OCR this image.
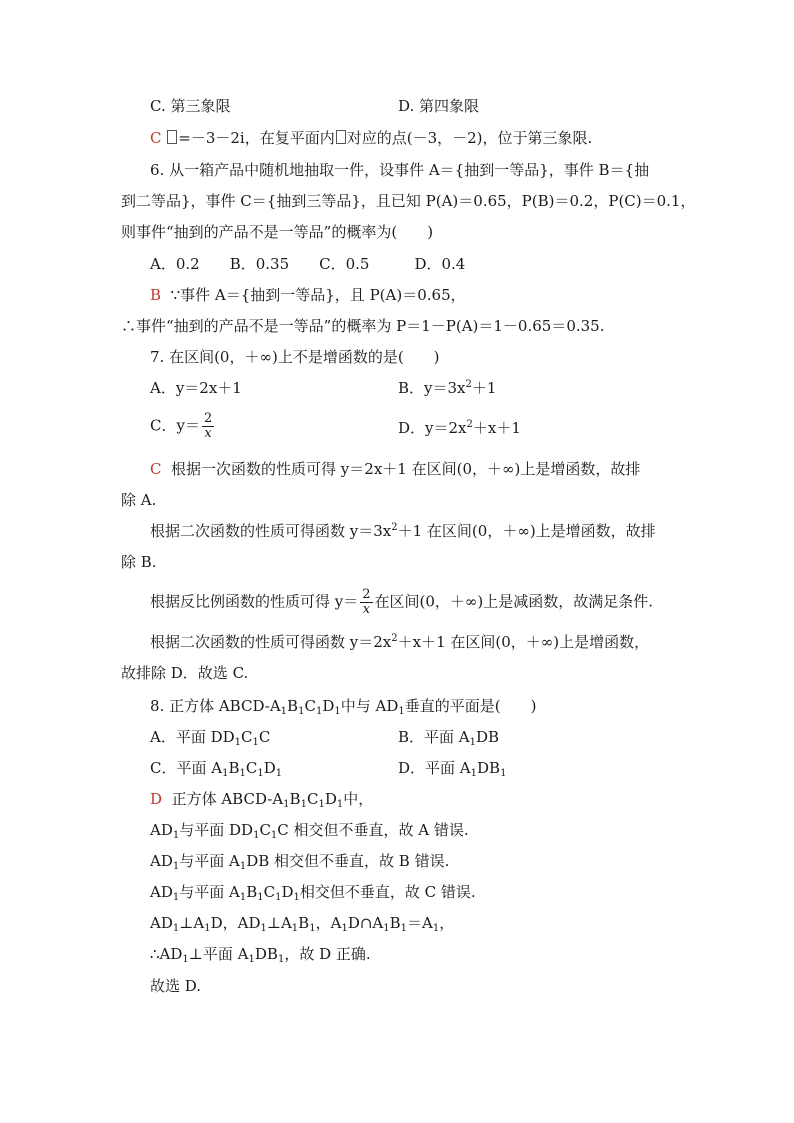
C. 第三象限	D. 第四象限
C =－3－2i，在复平面内 对应的点(－3，－2)，位于第三象限.
6. 从一箱产品中随机地抽取一件，设事件 A＝{抽到一等品}，事件 B＝{抽
到二等品}，事件 C＝{抽到三等品}，且已知 P(A)＝0.65，P(B)＝0.2，P(C)＝0.1，
则事件“抽到的产品不是一等品”的概率为(　　)
A．0.2　　B．0.35　　C．0.5　　　D．0.4
B ∵事件 A＝{抽到一等品}，且 P(A)＝0.65，
∴事件“抽到的产品不是一等品”的概率为 P＝1－P(A)＝1－0.65＝0.35.
7. 在区间(0，＋∞)上不是增函数的是(　　)
A．y＝2x＋1	B．$y=3x^2+1$
C．$y= \frac{2}{x}$	D．$y=2x^2+x+1$
C 根据一次函数的性质可得 y＝2x＋1 在区间(0，＋∞)上是增函数，故排
除 A.
根据二次函数的性质可得函数 $y=3x^2+1$ 在区间(0，＋∞)上是增函数，故排
除 B.
根据反比例函数的性质可得 $y= \frac{2}{x}$ 在区间(0，＋∞)上是减函数，故满足条件.
根据二次函数的性质可得函数 $y=2x^2+x+1$ 在区间(0，＋∞)上是增函数，
故排除 D．故选 C.
8. 正方体 ABCD-$A_1B_1C_1D_1$中与 $AD_1$垂直的平面是(　　)
A．平面 $DD_1C_1C$	B．平面 $A_1DB$
C．平面 $A_1B_1C_1D_1$	D．平面 $A_1DB_1$
D 正方体 ABCD-$A_1B_1C_1D_1$中，
$AD_1$与平面 $DD_1C_1C$ 相交但不垂直，故 A 错误.
$AD_1$与平面 $A_1DB$ 相交但不垂直，故 B 错误.
$AD_1$与平面 $A_1B_1C_1D_1$相交但不垂直，故 C 错误.
$AD_1\perp A_1D$，$AD_1\perp A_1B_1$，$A_1D\cap A_1B_1=A_1$，
$\therefore AD_1\perp$平面 $A_1DB_1$，故 D 正确.
故选 D.
